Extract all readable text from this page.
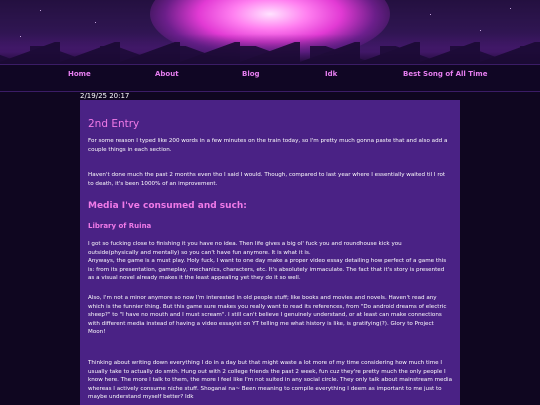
Home	About	Blog	Idk	Best Song of All Time
2/19/25 20:17
2nd Entry

For some reason I typed like 200 words in a few minutes on the train today, so I'm pretty much gonna paste that and also add a couple things in each section.

Haven't done much the past 2 months even tho I said I would. Though, compared to last year where I essentially waited til I rot to death, it's been 1000% of an improvement.

Media I've consumed and such:
Library of Ruina

I got so fucking close to finishing it you have no idea. Then life gives a big ol' fuck you and roundhouse kick you outside(physically and mentally) so you can't have fun anymore. It is what it is.

Anyways, the game is a must play. Holy fuck, I want to one day make a proper video essay detailing how perfect of a game this is: from its presentation, gameplay, mechanics, characters, etc. It's absolutely immaculate. The fact that it's story is presented as a visual novel already makes it the least appealing yet they do it so well.

Also, I'm not a minor anymore so now I'm interested in old people stuff; like books and movies and novels. Haven't read any which is the funnier thing. But this game sure makes you really want to read its references, from "Do android dreams of electric sheep?" to "I have no mouth and I must scream". I still can't believe I genuinely understand, or at least can make connections with different media instead of having a video essayist on YT telling me what history is like, is gratifying(?). Glory to Project Moon!

Thinking about writing down everything I do in a day but that might waste a lot more of my time considering how much time I usually take to actually do smth. Hung out with 2 college friends the past 2 week, fun cuz they're pretty much the only people I know here. The more I talk to them, the more I feel like I'm not suited in any social circle. They only talk about mainstream media whereas I actively consume niche stuff. Shoganai na~ Been meaning to compile everything I deem as important to me just to maybe understand myself better? Idk
